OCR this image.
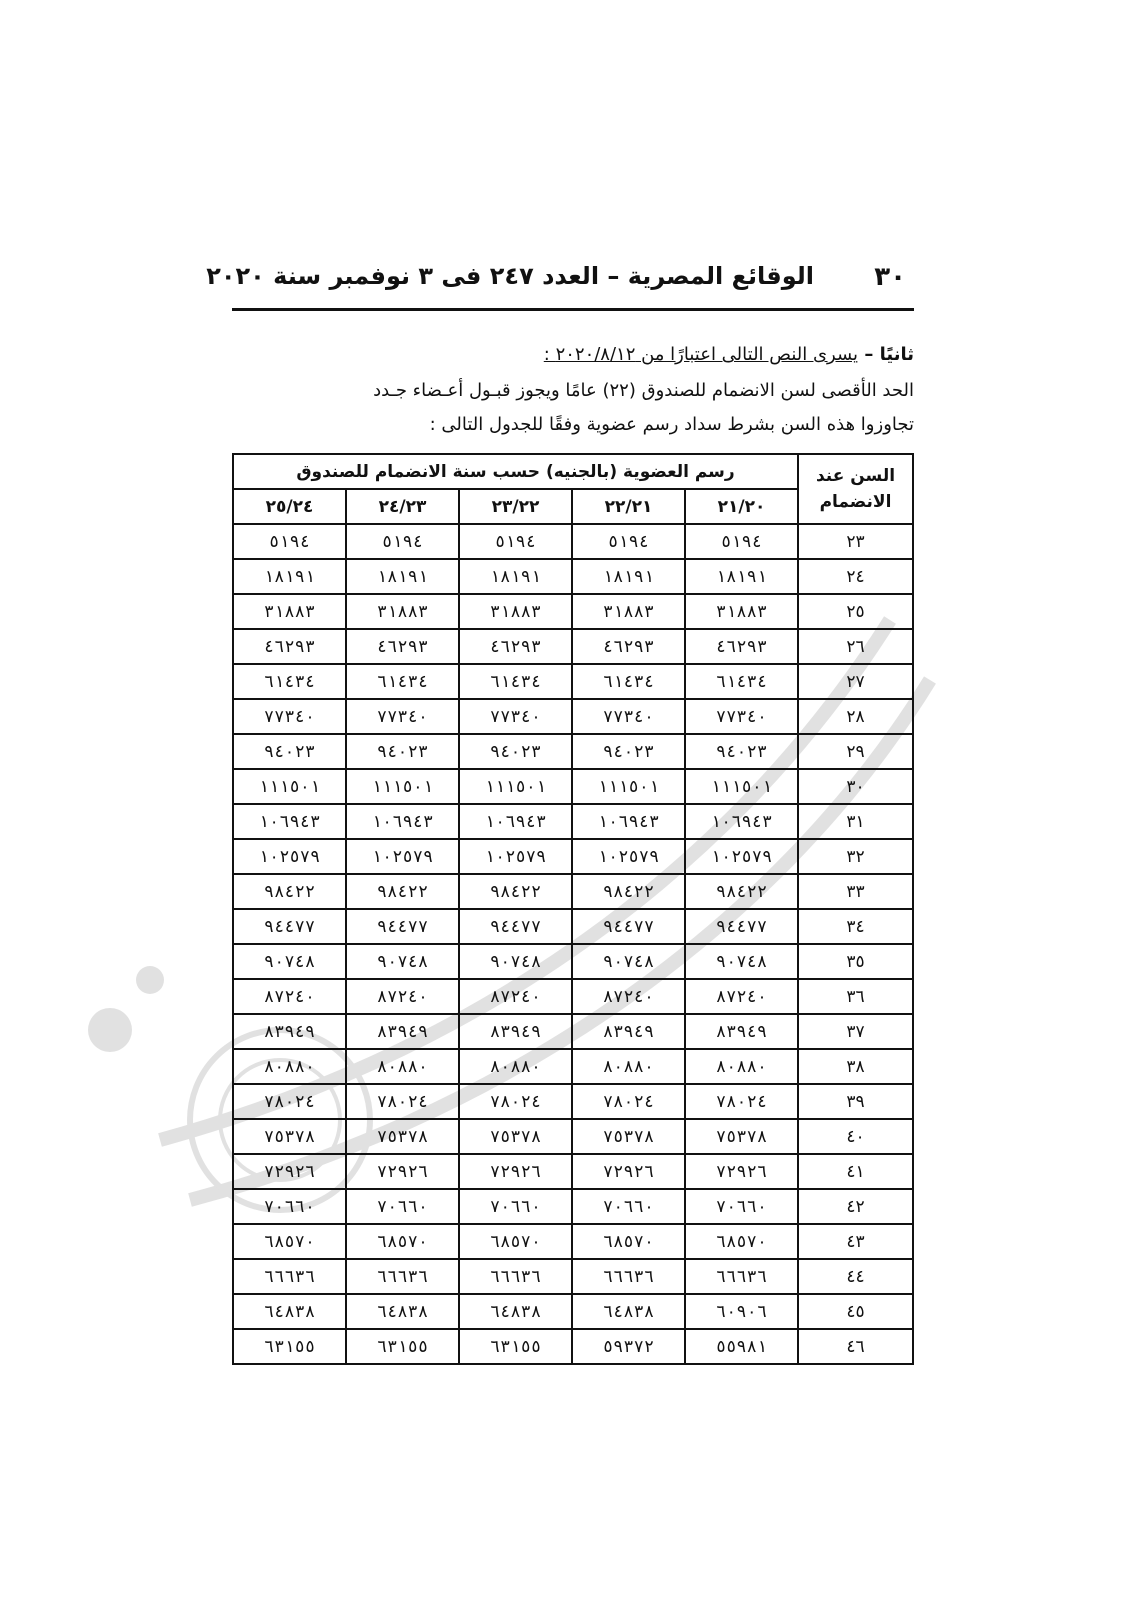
٣٠
الوقائع المصرية – العدد ٢٤٧ فى ٣ نوفمبر سنة ٢٠٢٠
ثانيًا – يسرى النص التالى اعتبارًا من ٢٠٢٠/٨/١٢ :
الحد الأقصى لسن الانضمام للصندوق (٢٢) عامًا ويجوز قبـول أعـضاء جـدد
تجاوزوا هذه السن بشرط سداد رسم عضوية وفقًا للجدول التالى :
السن عند الانضمام	رسم العضوية (بالجنيه) حسب سنة الانضمام للصندوق				
	٢١/٢٠	٢٢/٢١	٢٣/٢٢	٢٤/٢٣	٢٥/٢٤
٢٣	٥١٩٤	٥١٩٤	٥١٩٤	٥١٩٤	٥١٩٤
٢٤	١٨١٩١	١٨١٩١	١٨١٩١	١٨١٩١	١٨١٩١
٢٥	٣١٨٨٣	٣١٨٨٣	٣١٨٨٣	٣١٨٨٣	٣١٨٨٣
٢٦	٤٦٢٩٣	٤٦٢٩٣	٤٦٢٩٣	٤٦٢٩٣	٤٦٢٩٣
٢٧	٦١٤٣٤	٦١٤٣٤	٦١٤٣٤	٦١٤٣٤	٦١٤٣٤
٢٨	٧٧٣٤٠	٧٧٣٤٠	٧٧٣٤٠	٧٧٣٤٠	٧٧٣٤٠
٢٩	٩٤٠٢٣	٩٤٠٢٣	٩٤٠٢٣	٩٤٠٢٣	٩٤٠٢٣
٣٠	١١١٥٠١	١١١٥٠١	١١١٥٠١	١١١٥٠١	١١١٥٠١
٣١	١٠٦٩٤٣	١٠٦٩٤٣	١٠٦٩٤٣	١٠٦٩٤٣	١٠٦٩٤٣
٣٢	١٠٢٥٧٩	١٠٢٥٧٩	١٠٢٥٧٩	١٠٢٥٧٩	١٠٢٥٧٩
٣٣	٩٨٤٢٢	٩٨٤٢٢	٩٨٤٢٢	٩٨٤٢٢	٩٨٤٢٢
٣٤	٩٤٤٧٧	٩٤٤٧٧	٩٤٤٧٧	٩٤٤٧٧	٩٤٤٧٧
٣٥	٩٠٧٤٨	٩٠٧٤٨	٩٠٧٤٨	٩٠٧٤٨	٩٠٧٤٨
٣٦	٨٧٢٤٠	٨٧٢٤٠	٨٧٢٤٠	٨٧٢٤٠	٨٧٢٤٠
٣٧	٨٣٩٤٩	٨٣٩٤٩	٨٣٩٤٩	٨٣٩٤٩	٨٣٩٤٩
٣٨	٨٠٨٨٠	٨٠٨٨٠	٨٠٨٨٠	٨٠٨٨٠	٨٠٨٨٠
٣٩	٧٨٠٢٤	٧٨٠٢٤	٧٨٠٢٤	٧٨٠٢٤	٧٨٠٢٤
٤٠	٧٥٣٧٨	٧٥٣٧٨	٧٥٣٧٨	٧٥٣٧٨	٧٥٣٧٨
٤١	٧٢٩٢٦	٧٢٩٢٦	٧٢٩٢٦	٧٢٩٢٦	٧٢٩٢٦
٤٢	٧٠٦٦٠	٧٠٦٦٠	٧٠٦٦٠	٧٠٦٦٠	٧٠٦٦٠
٤٣	٦٨٥٧٠	٦٨٥٧٠	٦٨٥٧٠	٦٨٥٧٠	٦٨٥٧٠
٤٤	٦٦٦٣٦	٦٦٦٣٦	٦٦٦٣٦	٦٦٦٣٦	٦٦٦٣٦
٤٥	٦٠٩٠٦	٦٤٨٣٨	٦٤٨٣٨	٦٤٨٣٨	٦٤٨٣٨
٤٦	٥٥٩٨١	٥٩٣٧٢	٦٣١٥٥	٦٣١٥٥	٦٣١٥٥
